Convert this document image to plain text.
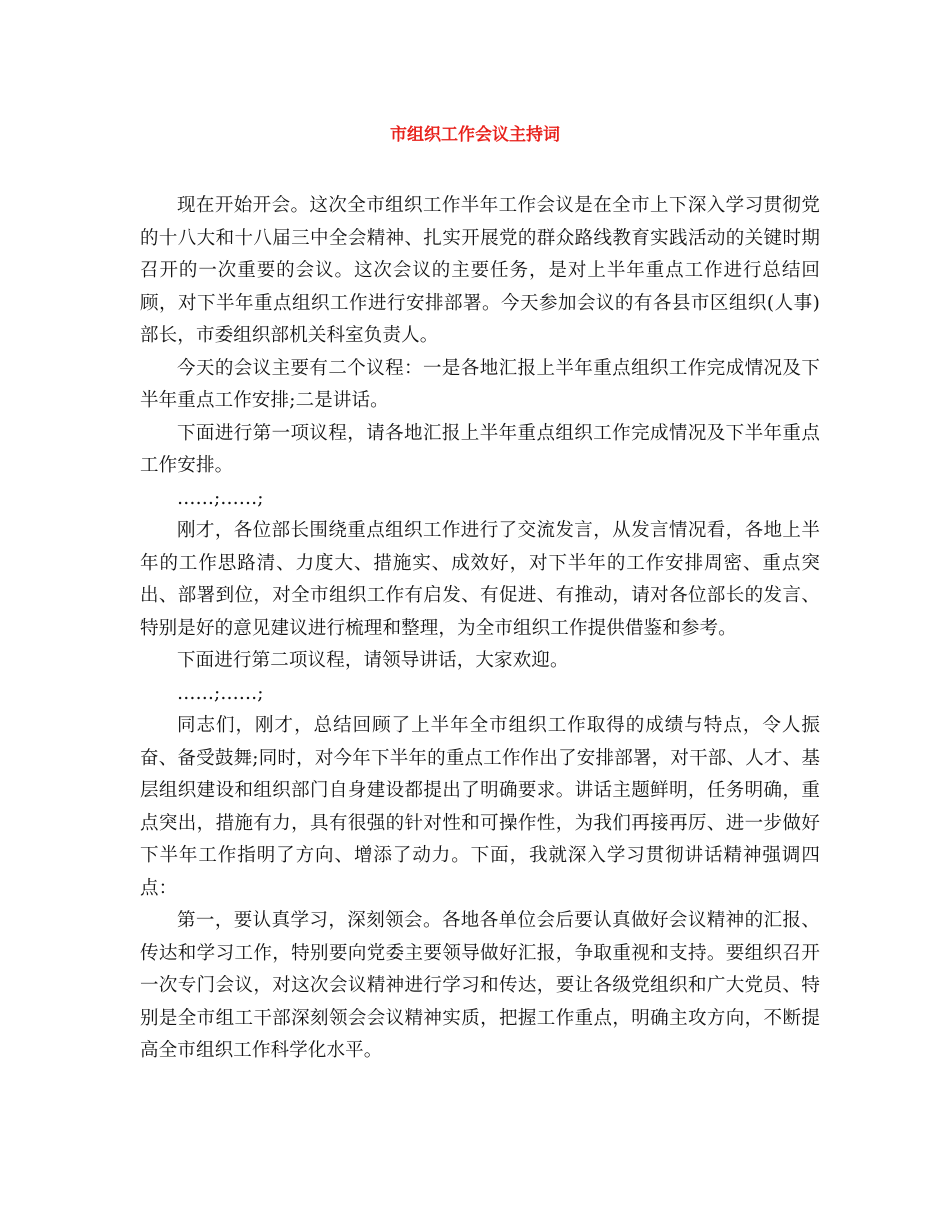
市组织工作会议主持词

现在开始开会。这次全市组织工作半年工作会议是在全市上下深入学习贯彻党的十八大和十八届三中全会精神、扎实开展党的群众路线教育实践活动的关键时期召开的一次重要的会议。这次会议的主要任务，是对上半年重点工作进行总结回顾，对下半年重点组织工作进行安排部署。今天参加会议的有各县市区组织(人事)部长，市委组织部机关科室负责人。

今天的会议主要有二个议程：一是各地汇报上半年重点组织工作完成情况及下半年重点工作安排;二是讲话。

下面进行第一项议程，请各地汇报上半年重点组织工作完成情况及下半年重点工作安排。

……;……;

刚才，各位部长围绕重点组织工作进行了交流发言，从发言情况看，各地上半年的工作思路清、力度大、措施实、成效好，对下半年的工作安排周密、重点突出、部署到位，对全市组织工作有启发、有促进、有推动，请对各位部长的发言、特别是好的意见建议进行梳理和整理，为全市组织工作提供借鉴和参考。

下面进行第二项议程，请领导讲话，大家欢迎。

……;……;

同志们，刚才，总结回顾了上半年全市组织工作取得的成绩与特点，令人振奋、备受鼓舞;同时，对今年下半年的重点工作作出了安排部署，对干部、人才、基层组织建设和组织部门自身建设都提出了明确要求。讲话主题鲜明，任务明确，重点突出，措施有力，具有很强的针对性和可操作性，为我们再接再厉、进一步做好下半年工作指明了方向、增添了动力。下面，我就深入学习贯彻讲话精神强调四点：

第一，要认真学习，深刻领会。各地各单位会后要认真做好会议精神的汇报、传达和学习工作，特别要向党委主要领导做好汇报，争取重视和支持。要组织召开一次专门会议，对这次会议精神进行学习和传达，要让各级党组织和广大党员、特别是全市组工干部深刻领会会议精神实质，把握工作重点，明确主攻方向，不断提高全市组织工作科学化水平。
